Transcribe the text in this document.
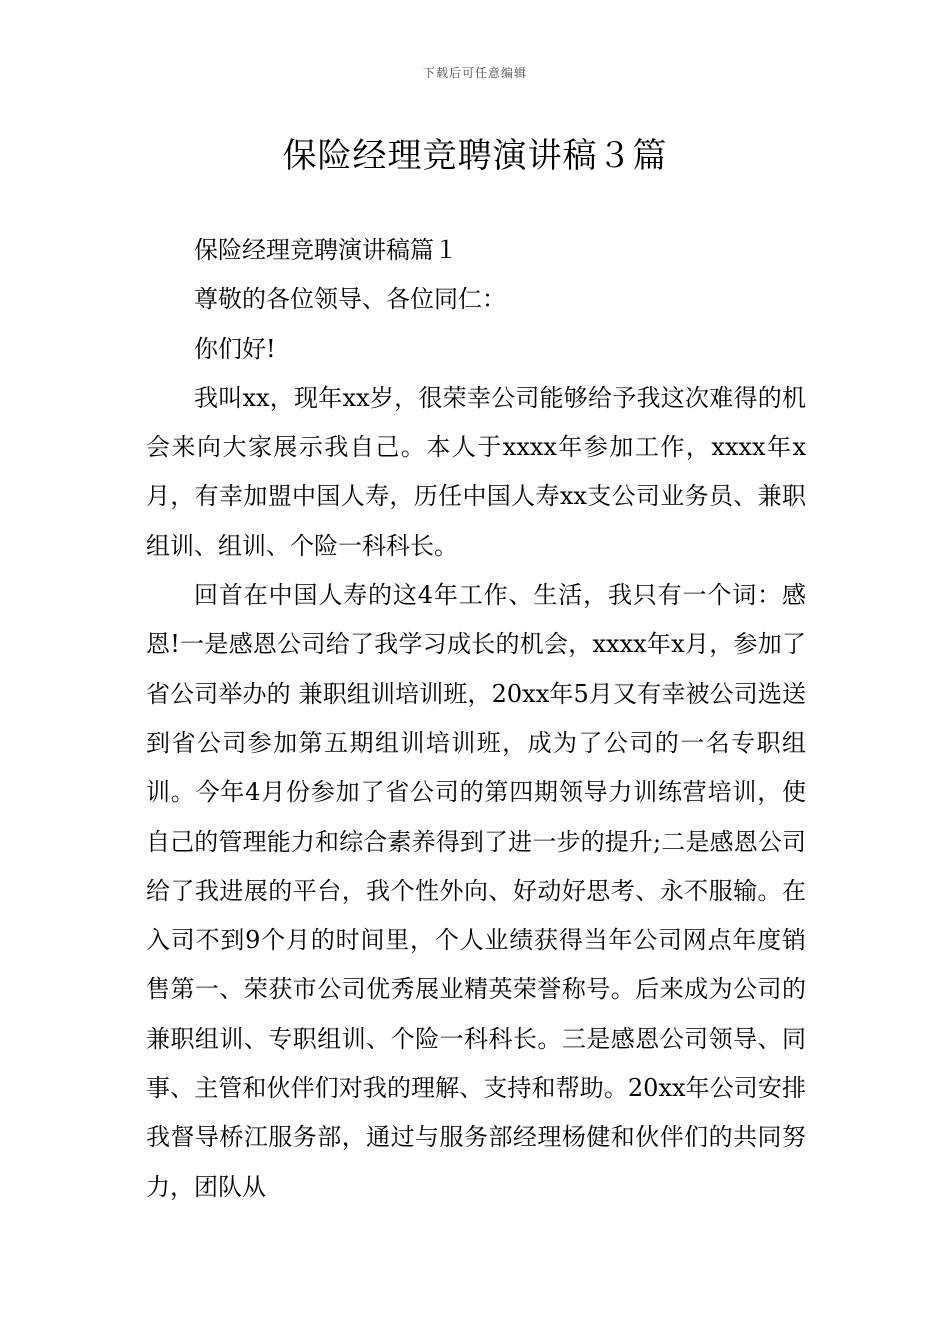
下载后可任意编辑
保险经理竞聘演讲稿３篇

保险经理竞聘演讲稿篇１

尊敬的各位领导、各位同仁：

你们好!

我叫xx，现年xx岁，很荣幸公司能够给予我这次难得的机会来向大家展示我自己。本人于xxxx年参加工作，xxxx年x月，有幸加盟中国人寿，历任中国人寿xx支公司业务员、兼职组训、组训、个险一科科长。

回首在中国人寿的这4年工作、生活，我只有一个词：感恩!一是感恩公司给了我学习成长的机会，xxxx年x月，参加了省公司举办的 兼职组训培训班，20xx年5月又有幸被公司选送到省公司参加第五期组训培训班，成为了公司的一名专职组训。今年4月份参加了省公司的第四期领导力训练营培训，使自己的管理能力和综合素养得到了进一步的提升;二是感恩公司给了我进展的平台，我个性外向、好动好思考、永不服输。在入司不到9个月的时间里，个人业绩获得当年公司网点年度销售第一、荣获市公司优秀展业精英荣誉称号。后来成为公司的兼职组训、专职组训、个险一科科长。三是感恩公司领导、同事、主管和伙伴们对我的理解、支持和帮助。20xx年公司安排我督导桥江服务部，通过与服务部经理杨健和伙伴们的共同努力，团队从
